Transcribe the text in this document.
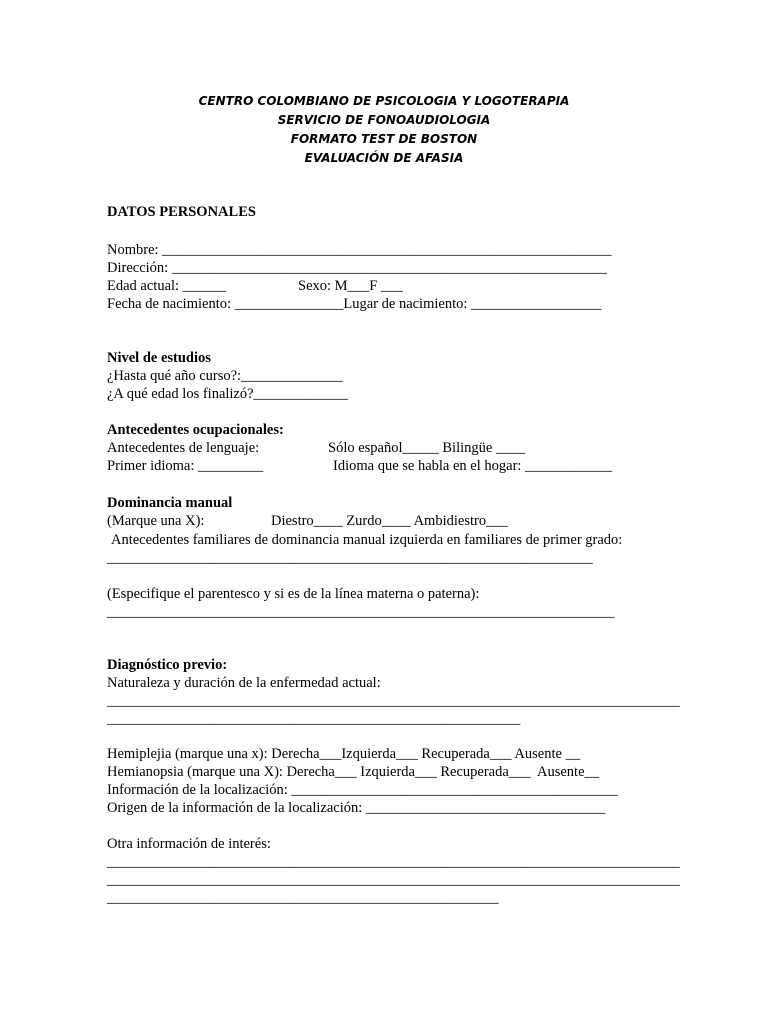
CENTRO COLOMBIANO DE PSICOLOGIA Y LOGOTERAPIA
SERVICIO DE FONOAUDIOLOGIA
FORMATO TEST DE BOSTON
EVALUACIÓN DE AFASIA
DATOS PERSONALES
Nombre: ______________________________________________________________
Dirección: ____________________________________________________________
Edad actual: ______	Sexo: M___F ___
Fecha de nacimiento: _______________Lugar de nacimiento: __________________
Nivel de estudios
¿Hasta qué año curso?:______________
¿A qué edad los finalizó?_____________
Antecedentes ocupacionales:
Antecedentes de lenguaje:	Sólo español_____ Bilingüe ____
Primer idioma: _________	Idioma que se habla en el hogar: ____________
Dominancia manual
(Marque una X):	Diestro____ Zurdo____ Ambidiestro___
Antecedentes familiares de dominancia manual izquierda en familiares de primer grado:
___________________________________________________________________
(Especifique el parentesco y si es de la línea materna o paterna):
______________________________________________________________________
Diagnóstico previo:
Naturaleza y duración de la enfermedad actual:
_______________________________________________________________________________
_________________________________________________________
Hemiplejia (marque una x): Derecha___Izquierda___ Recuperada___ Ausente __
Hemianopsia (marque una X): Derecha___ Izquierda___ Recuperada___  Ausente__
Información de la localización: _____________________________________________
Origen de la información de la localización: _________________________________
Otra información de interés:
_______________________________________________________________________________
_______________________________________________________________________________
______________________________________________________
